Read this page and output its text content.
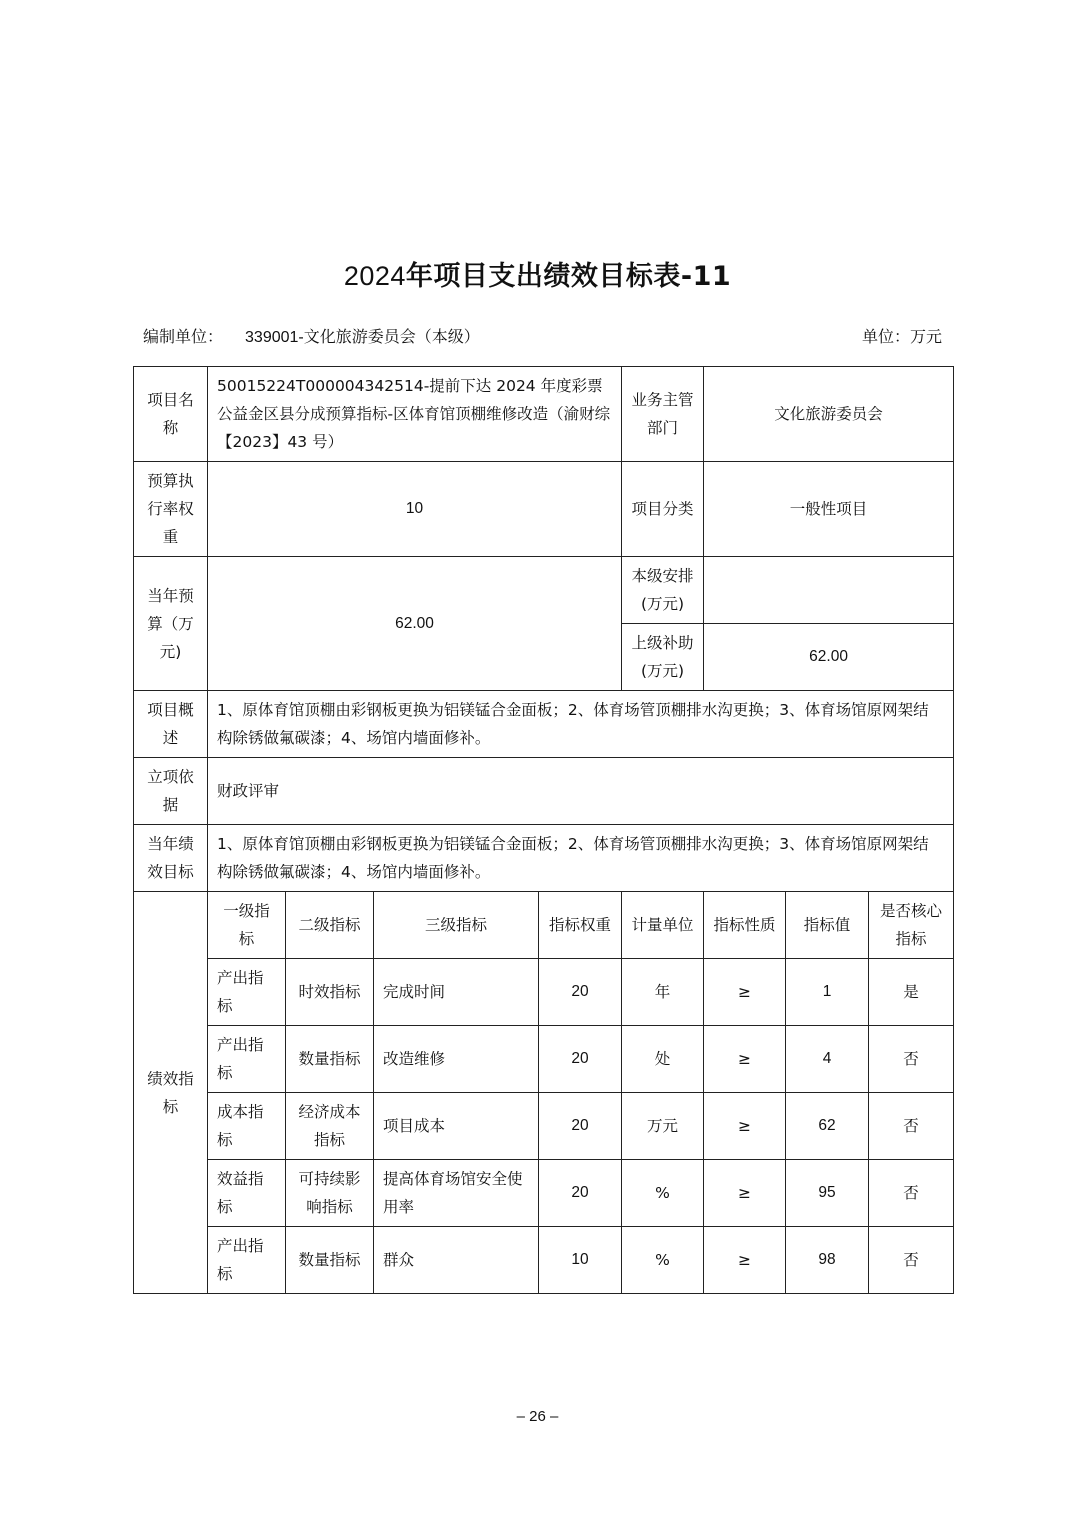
2024年项目支出绩效目标表-11
编制单位： 339001-文化旅游委员会（本级）	单位：万元
项目名称	50015224T000004342514-提前下达 2024 年度彩票公益金区县分成预算指标-区体育馆顶棚维修改造（渝财综【2023】43 号）				业务主管部门	文化旅游委员会		
预算执行率权重	10				项目分类	一般性项目		
当年预算（万元)	62.00				本级安排(万元)			
					上级补助(万元)	62.00		
项目概述	1、原体育馆顶棚由彩钢板更换为铝镁锰合金面板；2、体育场管顶棚排水沟更换；3、体育场馆原网架结构除锈做氟碳漆；4、场馆内墙面修补。							
立项依据	财政评审							
当年绩效目标	1、原体育馆顶棚由彩钢板更换为铝镁锰合金面板；2、体育场管顶棚排水沟更换；3、体育场馆原网架结构除锈做氟碳漆；4、场馆内墙面修补。							
绩效指标	一级指标	二级指标	三级指标	指标权重	计量单位	指标性质	指标值	是否核心指标
	产出指标	时效指标	完成时间	20	年	≥	1	是
	产出指标	数量指标	改造维修	20	处	≥	4	否
	成本指标	经济成本指标	项目成本	20	万元	≥	62	否
	效益指标	可持续影响指标	提高体育场馆安全使用率	20	%	≥	95	否
	产出指标	数量指标	群众	10	%	≥	98	否
– 26 –
